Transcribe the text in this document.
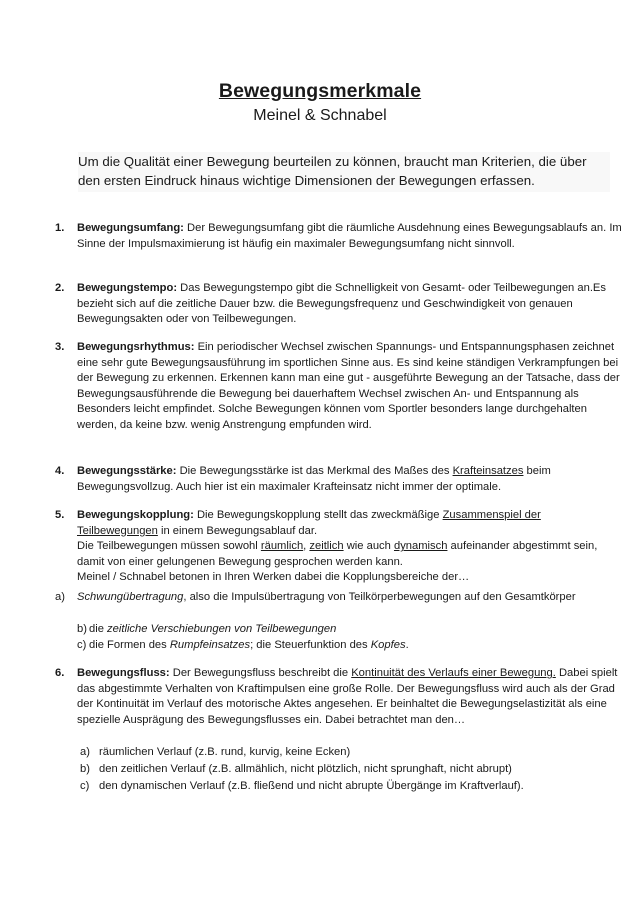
Bewegungsmerkmale
Meinel & Schnabel
Um die Qualität einer Bewegung beurteilen zu können, braucht man Kriterien, die über den ersten Eindruck hinaus wichtige Dimensionen der Bewegungen erfassen.
1. Bewegungsumfang: Der Bewegungsumfang gibt die räumliche Ausdehnung eines Bewegungsablaufs an. Im Sinne der Impulsmaximierung ist häufig ein maximaler Bewegungsumfang nicht sinnvoll.
2. Bewegungstempo: Das Bewegungstempo gibt die Schnelligkeit von Gesamt- oder Teilbewegungen an.Es bezieht sich auf die zeitliche Dauer bzw. die Bewegungsfrequenz und Geschwindigkeit von genauen Bewegungsakten oder von Teilbewegungen.
3. Bewegungsrhythmus: Ein periodischer Wechsel zwischen Spannungs- und Entspannungsphasen zeichnet eine sehr gute Bewegungsausführung im sportlichen Sinne aus. Es sind keine ständigen Verkrampfungen bei der Bewegung zu erkennen. Erkennen kann man eine gut - ausgeführte Bewegung an der Tatsache, dass der Bewegungsausführende die Bewegung bei dauerhaftem Wechsel zwischen An- und Entspannung als Besonders leicht empfindet. Solche Bewegungen können vom Sportler besonders lange durchgehalten werden, da keine bzw. wenig Anstrengung empfunden wird.
4. Bewegungsstärke: Die Bewegungsstärke ist das Merkmal des Maßes des Krafteinsatzes beim Bewegungsvollzug. Auch hier ist ein maximaler Krafteinsatz nicht immer der optimale.
5. Bewegungskopplung: Die Bewegungskopplung stellt das zweckmäßige Zusammenspiel der Teilbewegungen in einem Bewegungsablauf dar.
Die Teilbewegungen müssen sowohl räumlich, zeitlich wie auch dynamisch aufeinander abgestimmt sein, damit von einer gelungenen Bewegung gesprochen werden kann.
Meinel / Schnabel betonen in Ihren Werken dabei die Kopplungsbereiche der…
a) Schwungübertragung, also die Impulsübertragung von Teilkörperbewegungen auf den Gesamtkörper
b) die zeitliche Verschiebungen von Teilbewegungen
c) die Formen des Rumpfeinsatzes; die Steuerfunktion des Kopfes.
6. Bewegungsfluss: Der Bewegungsfluss beschreibt die Kontinuität des Verlaufs einer Bewegung. Dabei spielt das abgestimmte Verhalten von Kraftimpulsen eine große Rolle. Der Bewegungsfluss wird auch als der Grad der Kontinuität im Verlauf des motorische Aktes angesehen. Er beinhaltet die Bewegungselastizität als eine spezielle Ausprägung des Bewegungsflusses ein. Dabei betrachtet man den…
a) räumlichen Verlauf (z.B. rund, kurvig, keine Ecken)
b) den zeitlichen Verlauf (z.B. allmählich, nicht plötzlich, nicht sprunghaft, nicht abrupt)
c) den dynamischen Verlauf (z.B. fließend und nicht abrupte Übergänge im Kraftverlauf).
